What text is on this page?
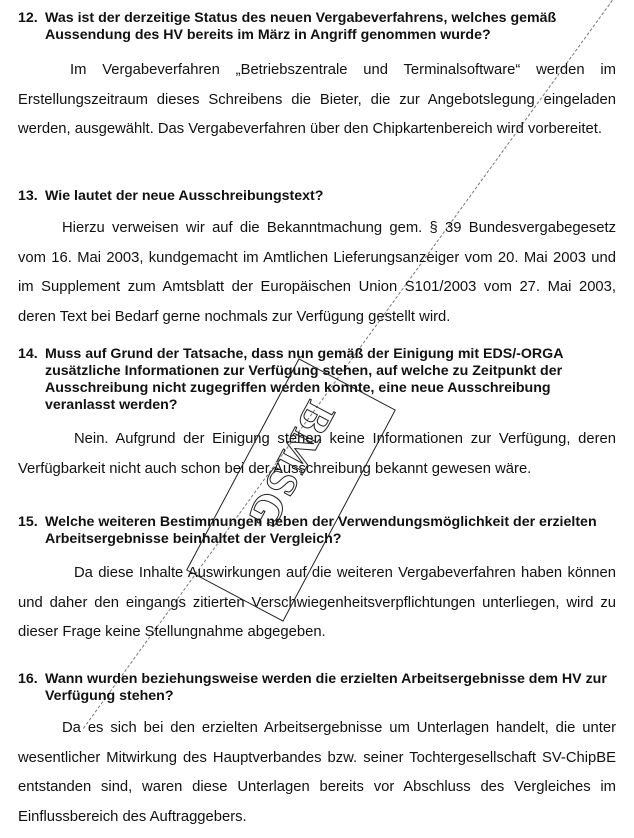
12. Was ist der derzeitige Status des neuen Vergabeverfahrens, welches gemäß Aussendung des HV bereits im März in Angriff genommen wurde?
Im Vergabeverfahren „Betriebszentrale und Terminalsoftware“ werden im Erstellungszeitraum dieses Schreibens die Bieter, die zur Angebotslegung eingeladen werden, ausgewählt. Das Vergabeverfahren über den Chipkartenbereich wird vorbereitet.
13. Wie lautet der neue Ausschreibungstext?
Hierzu verweisen wir auf die Bekanntmachung gem. § 39 Bundesvergabegesetz vom 16. Mai 2003, kundgemacht im Amtlichen Lieferungsanzeiger vom 20. Mai 2003 und im Supplement zum Amtsblatt der Europäischen Union S101/2003 vom 27. Mai 2003, deren Text bei Bedarf gerne nochmals zur Verfügung gestellt wird.
14. Muss auf Grund der Tatsache, dass nun gemäß der Einigung mit EDS/-ORGA zusätzliche Informationen zur Verfügung stehen, auf welche zu Zeitpunkt der Ausschreibung nicht zugegriffen werden konnte, eine neue Ausschreibung veranlasst werden?
Nein. Aufgrund der Einigung stehen keine Informationen zur Verfügung, deren Verfügbarkeit nicht auch schon bei der Ausschreibung bekannt gewesen wäre.
15. Welche weiteren Bestimmungen neben der Verwendungsmöglichkeit der erzielten Arbeitsergebnisse beinhaltet der Vergleich?
Da diese Inhalte Auswirkungen auf die weiteren Vergabeverfahren haben können und daher den eingangs zitierten Verschwiegenheitsverpflichtungen unterliegen, wird zu dieser Frage keine Stellungnahme abgegeben.
16. Wann wurden beziehungsweise werden die erzielten Arbeitsergebnisse dem HV zur Verfügung stehen?
Da es sich bei den erzielten Arbeitsergebnisse um Unterlagen handelt, die unter wesentlicher Mitwirkung des Hauptverbandes bzw. seiner Tochtergesellschaft SV-ChipBE entstanden sind, waren diese Unterlagen bereits vor Abschluss des Vergleiches im Einflussbereich des Auftraggebers.
BMSG
